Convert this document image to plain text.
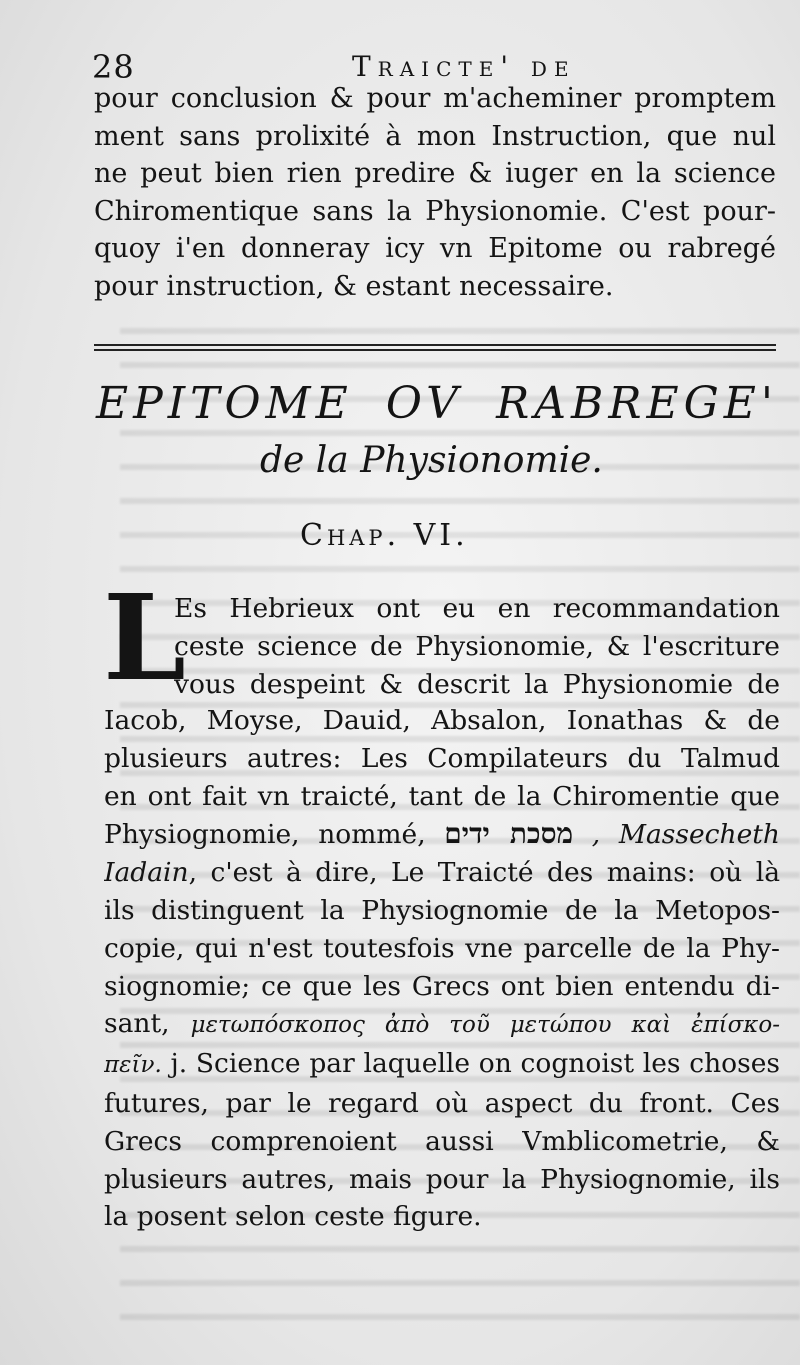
28	Traicte' de
pour conclusion & pour m'acheminer promptem
ment sans prolixité à mon Instruction, que nul
ne peut bien rien predire & iuger en la science
Chiromentique sans la Physionomie. C'est pour-
quoy i'en donneray icy vn Epitome ou rabregé
pour instruction, & estant necessaire.
EPITOME OV RABREGE'
de la Physionomie.
Chap. VI.
L
Es Hebrieux ont eu en recommandation
ceste science de Physionomie, & l'escriture
vous despeint & descrit la Physionomie de
Iacob, Moyse, Dauid, Absalon, Ionathas & de
plusieurs autres: Les Compilateurs du Talmud
en ont fait vn traicté, tant de la Chiromentie que
Physiognomie, nommé, מסכת ידים , Massecheth
Iadain, c'est à dire, Le Traicté des mains: où là
ils distinguent la Physiognomie de la Metopos-
copie, qui n'est toutesfois vne parcelle de la Phy-
siognomie; ce que les Grecs ont bien entendu di-
sant, μετωπόσκοπος ἀπὸ τοῦ μετώπου καὶ ἐπίσκο-
πεῖν. j. Science par laquelle on cognoist les choses
futures, par le regard où aspect du front. Ces
Grecs comprenoient aussi Vmblicometrie, &
plusieurs autres, mais pour la Physiognomie, ils
la posent selon ceste figure.
